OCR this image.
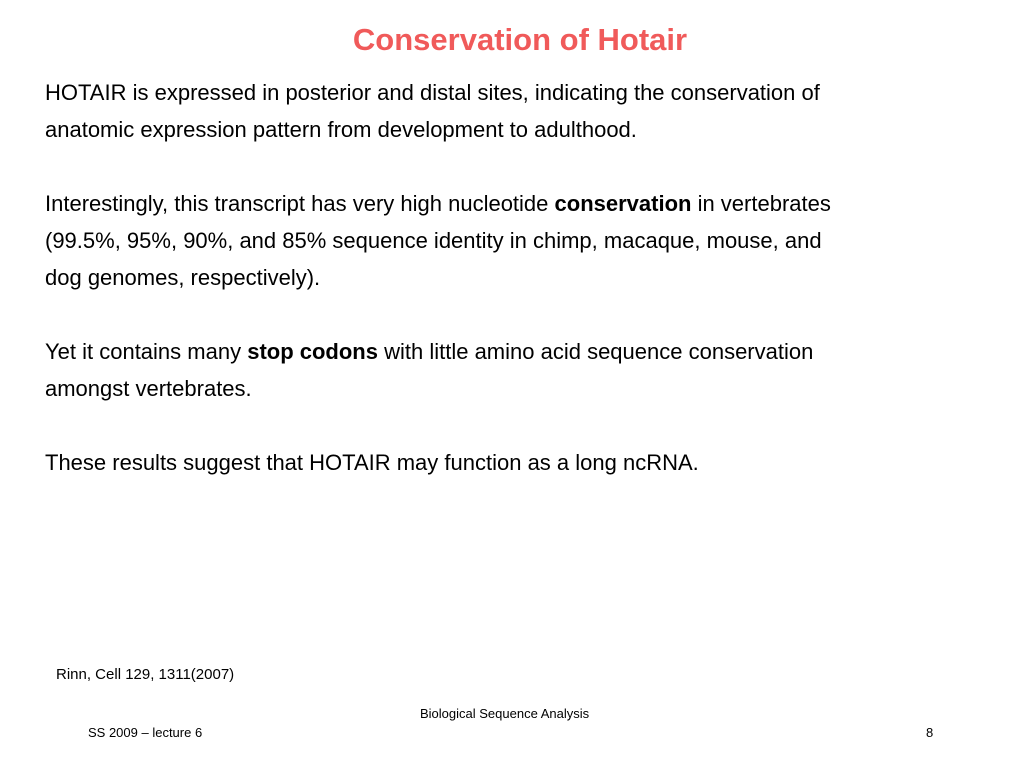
Conservation of Hotair

HOTAIR is expressed in posterior and distal sites, indicating the conservation of
anatomic expression pattern from development to adulthood.

Interestingly, this transcript has very high nucleotide conservation in vertebrates
(99.5%, 95%, 90%, and 85% sequence identity in chimp, macaque, mouse, and
dog genomes, respectively).

Yet it contains many stop codons with little amino acid sequence conservation
amongst vertebrates.

These results suggest that HOTAIR may function as a long ncRNA.

Rinn, Cell 129, 1311(2007)
Biological Sequence Analysis
SS 2009 – lecture 6	8
